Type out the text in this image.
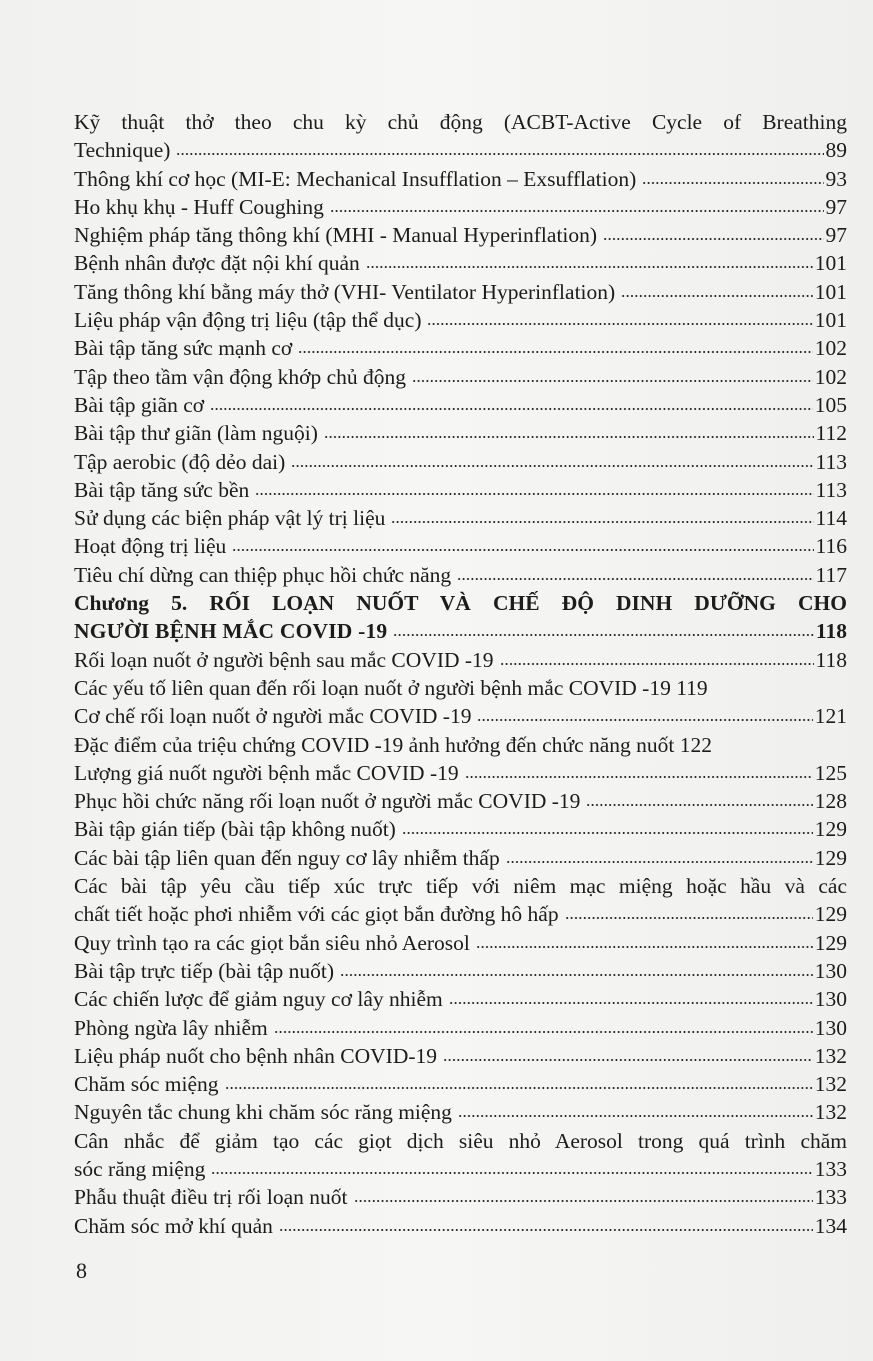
Kỹ thuật thở theo chu kỳ chủ động (ACBT-Active Cycle of Breathing
Technique)	89
Thông khí cơ học (MI-E: Mechanical Insufflation – Exsufflation)	93
Ho khụ khụ - Huff Coughing	97
Nghiệm pháp tăng thông khí (MHI - Manual Hyperinflation)	97
Bệnh nhân được đặt nội khí quản	101
Tăng thông khí bằng máy thở (VHI- Ventilator Hyperinflation)	101
Liệu pháp vận động trị liệu (tập thể dục)	101
Bài tập tăng sức mạnh cơ	102
Tập theo tầm vận động khớp chủ động	102
Bài tập giãn cơ	105
Bài tập thư giãn (làm nguội)	112
Tập aerobic (độ dẻo dai)	113
Bài tập tăng sức bền	113
Sử dụng các biện pháp vật lý trị liệu	114
Hoạt động trị liệu	116
Tiêu chí dừng can thiệp phục hồi chức năng	117
Chương 5. RỐI LOẠN NUỐT VÀ CHẾ ĐỘ DINH DƯỠNG CHO
NGƯỜI BỆNH MẮC COVID -19	118
Rối loạn nuốt ở người bệnh sau mắc COVID -19	118
Các yếu tố liên quan đến rối loạn nuốt ở người bệnh mắc COVID -19 119
Cơ chế rối loạn nuốt ở người mắc COVID -19	121
Đặc điểm của triệu chứng COVID -19 ảnh hưởng đến chức năng nuốt 122
Lượng giá nuốt người bệnh mắc COVID -19	125
Phục hồi chức năng rối loạn nuốt ở người mắc COVID -19	128
Bài tập gián tiếp (bài tập không nuốt)	129
Các bài tập liên quan đến nguy cơ lây nhiễm thấp	129
Các bài tập yêu cầu tiếp xúc trực tiếp với niêm mạc miệng hoặc hầu và các
chất tiết hoặc phơi nhiễm với các giọt bắn đường hô hấp	129
Quy trình tạo ra các giọt bắn siêu nhỏ Aerosol	129
Bài tập trực tiếp (bài tập nuốt)	130
Các chiến lược để giảm nguy cơ lây nhiễm	130
Phòng ngừa lây nhiễm	130
Liệu pháp nuốt cho bệnh nhân COVID-19	132
Chăm sóc miệng	132
Nguyên tắc chung khi chăm sóc răng miệng	132
Cân nhắc để giảm tạo các giọt dịch siêu nhỏ Aerosol trong quá trình chăm
sóc răng miệng	133
Phẫu thuật điều trị rối loạn nuốt	133
Chăm sóc mở khí quản	134
8
